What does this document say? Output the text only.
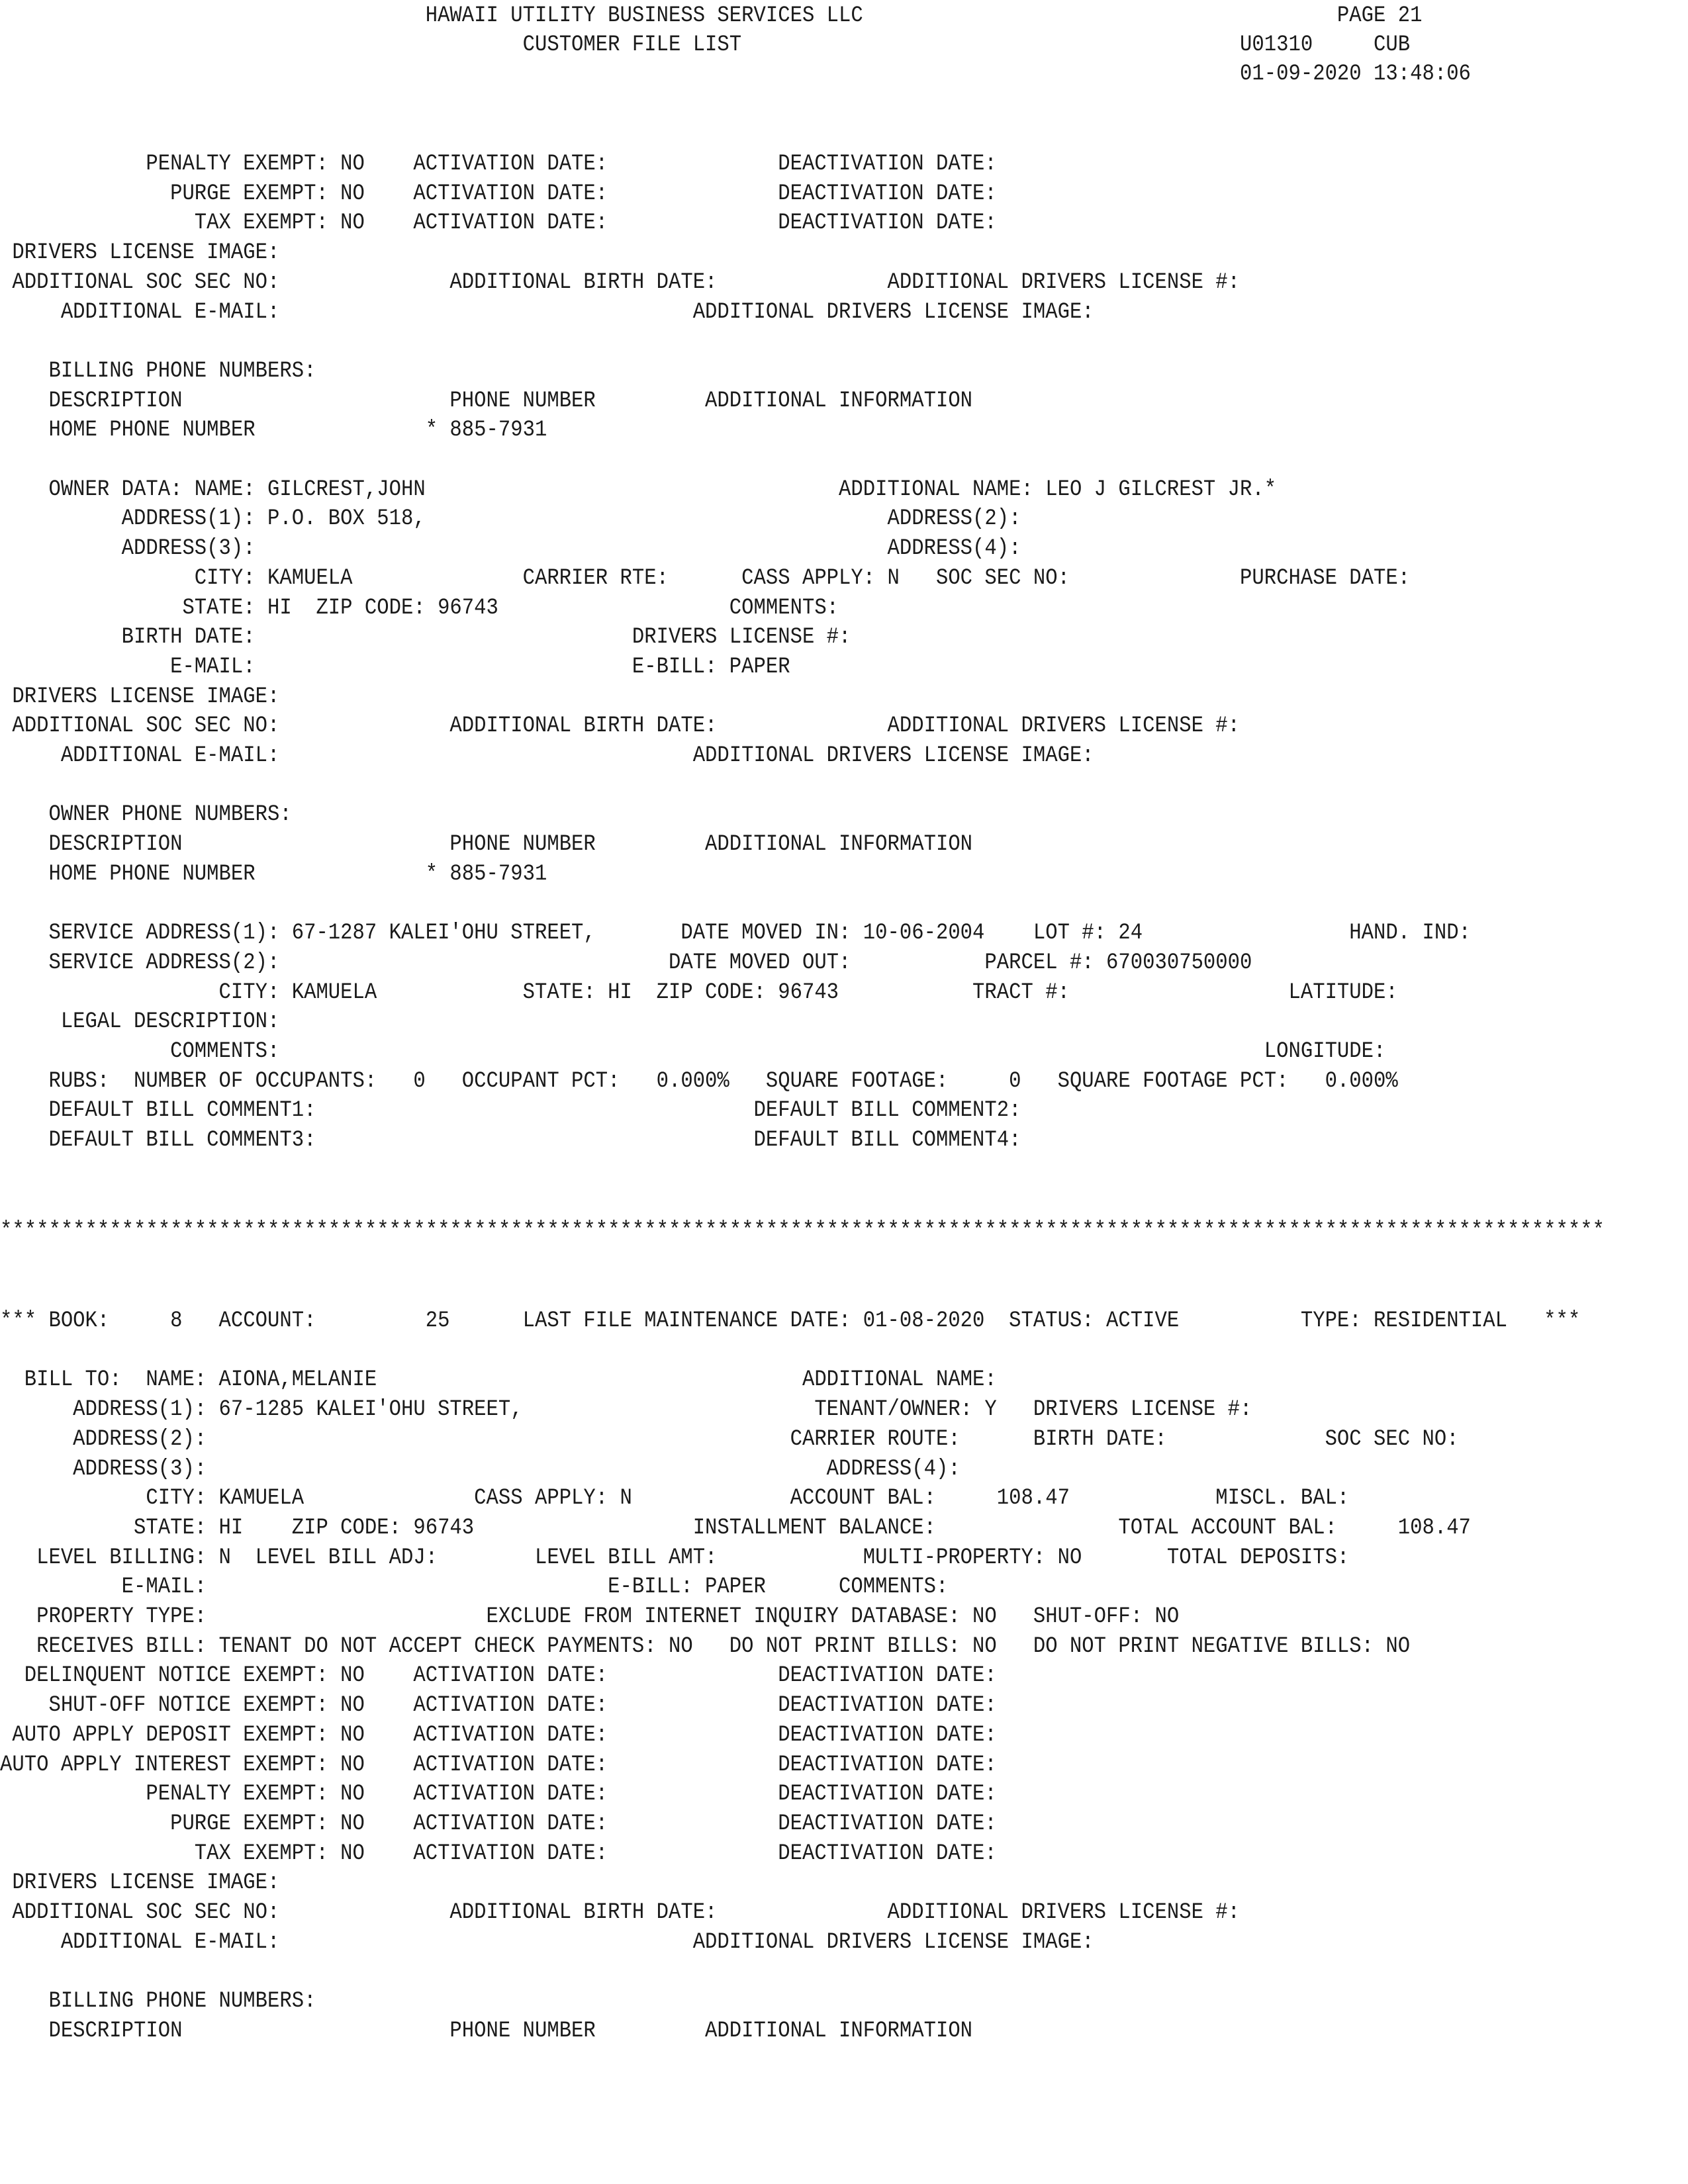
HAWAII UTILITY BUSINESS SERVICES LLC                                       PAGE 21
CUSTOMER FILE LIST                                         U01310     CUB
01-09-2020 13:48:06
PENALTY EXEMPT: NO    ACTIVATION DATE:              DEACTIVATION DATE:
PURGE EXEMPT: NO    ACTIVATION DATE:              DEACTIVATION DATE:
TAX EXEMPT: NO    ACTIVATION DATE:              DEACTIVATION DATE:
DRIVERS LICENSE IMAGE:
ADDITIONAL SOC SEC NO:              ADDITIONAL BIRTH DATE:              ADDITIONAL DRIVERS LICENSE #:
ADDITIONAL E-MAIL:                                  ADDITIONAL DRIVERS LICENSE IMAGE:
BILLING PHONE NUMBERS:
DESCRIPTION                      PHONE NUMBER         ADDITIONAL INFORMATION
HOME PHONE NUMBER              * 885-7931
OWNER DATA: NAME: GILCREST,JOHN                                  ADDITIONAL NAME: LEO J GILCREST JR.*
ADDRESS(1): P.O. BOX 518,                                      ADDRESS(2):
ADDRESS(3):                                                    ADDRESS(4):
CITY: KAMUELA              CARRIER RTE:      CASS APPLY: N   SOC SEC NO:              PURCHASE DATE:
STATE: HI  ZIP CODE: 96743                   COMMENTS:
BIRTH DATE:                               DRIVERS LICENSE #:
E-MAIL:                               E-BILL: PAPER
DRIVERS LICENSE IMAGE:
ADDITIONAL SOC SEC NO:              ADDITIONAL BIRTH DATE:              ADDITIONAL DRIVERS LICENSE #:
ADDITIONAL E-MAIL:                                  ADDITIONAL DRIVERS LICENSE IMAGE:
OWNER PHONE NUMBERS:
DESCRIPTION                      PHONE NUMBER         ADDITIONAL INFORMATION
HOME PHONE NUMBER              * 885-7931
SERVICE ADDRESS(1): 67-1287 KALEI'OHU STREET,       DATE MOVED IN: 10-06-2004    LOT #: 24                 HAND. IND:
SERVICE ADDRESS(2):                                DATE MOVED OUT:           PARCEL #: 670030750000
CITY: KAMUELA            STATE: HI  ZIP CODE: 96743           TRACT #:                  LATITUDE:
LEGAL DESCRIPTION:
COMMENTS:                                                                                 LONGITUDE:
RUBS:  NUMBER OF OCCUPANTS:   0   OCCUPANT PCT:   0.000%   SQUARE FOOTAGE:     0   SQUARE FOOTAGE PCT:   0.000%
DEFAULT BILL COMMENT1:                                    DEFAULT BILL COMMENT2:
DEFAULT BILL COMMENT3:                                    DEFAULT BILL COMMENT4:
************************************************************************************************************************************
*** BOOK:     8   ACCOUNT:         25      LAST FILE MAINTENANCE DATE: 01-08-2020  STATUS: ACTIVE          TYPE: RESIDENTIAL   ***
BILL TO:  NAME: AIONA,MELANIE                                   ADDITIONAL NAME:
ADDRESS(1): 67-1285 KALEI'OHU STREET,                        TENANT/OWNER: Y   DRIVERS LICENSE #:
ADDRESS(2):                                                CARRIER ROUTE:      BIRTH DATE:             SOC SEC NO:
ADDRESS(3):                                                   ADDRESS(4):
CITY: KAMUELA              CASS APPLY: N             ACCOUNT BAL:     108.47            MISCL. BAL:
STATE: HI    ZIP CODE: 96743                  INSTALLMENT BALANCE:               TOTAL ACCOUNT BAL:     108.47
LEVEL BILLING: N  LEVEL BILL ADJ:        LEVEL BILL AMT:            MULTI-PROPERTY: NO       TOTAL DEPOSITS:
E-MAIL:                                 E-BILL: PAPER      COMMENTS:
PROPERTY TYPE:                       EXCLUDE FROM INTERNET INQUIRY DATABASE: NO   SHUT-OFF: NO
RECEIVES BILL: TENANT DO NOT ACCEPT CHECK PAYMENTS: NO   DO NOT PRINT BILLS: NO   DO NOT PRINT NEGATIVE BILLS: NO
DELINQUENT NOTICE EXEMPT: NO    ACTIVATION DATE:              DEACTIVATION DATE:
SHUT-OFF NOTICE EXEMPT: NO    ACTIVATION DATE:              DEACTIVATION DATE:
AUTO APPLY DEPOSIT EXEMPT: NO    ACTIVATION DATE:              DEACTIVATION DATE:
AUTO APPLY INTEREST EXEMPT: NO    ACTIVATION DATE:              DEACTIVATION DATE:
PENALTY EXEMPT: NO    ACTIVATION DATE:              DEACTIVATION DATE:
PURGE EXEMPT: NO    ACTIVATION DATE:              DEACTIVATION DATE:
TAX EXEMPT: NO    ACTIVATION DATE:              DEACTIVATION DATE:
DRIVERS LICENSE IMAGE:
ADDITIONAL SOC SEC NO:              ADDITIONAL BIRTH DATE:              ADDITIONAL DRIVERS LICENSE #:
ADDITIONAL E-MAIL:                                  ADDITIONAL DRIVERS LICENSE IMAGE:
BILLING PHONE NUMBERS:
DESCRIPTION                      PHONE NUMBER         ADDITIONAL INFORMATION
